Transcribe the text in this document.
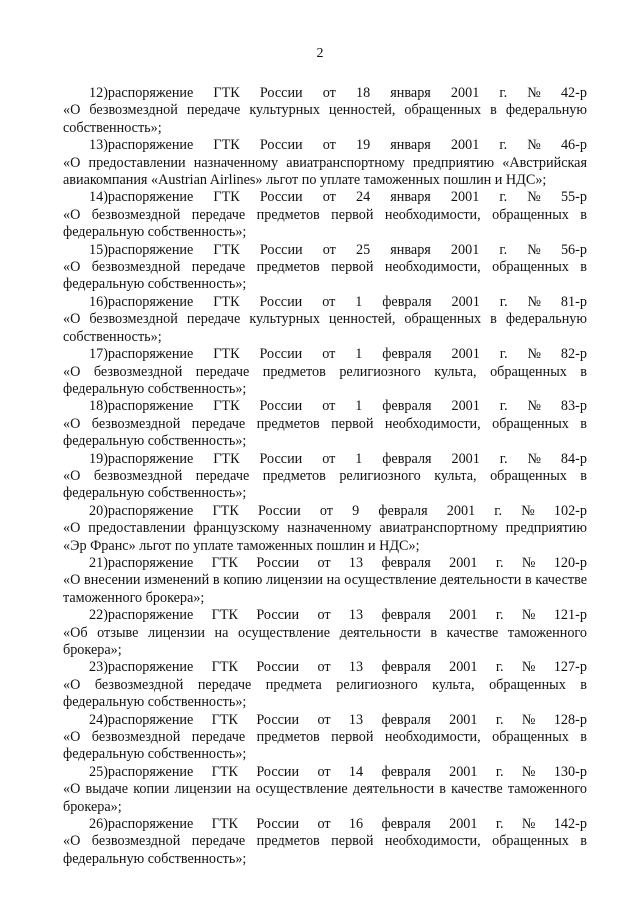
2
12)распоряжение ГТК России от 18 января 2001 г. № 42-р
«О безвозмездной передаче культурных ценностей, обращенных в федеральную собственность»;
13)распоряжение ГТК России от 19 января 2001 г. № 46-р
«О предоставлении назначенному авиатранспортному предприятию «Австрийская авиакомпания «Austrian Airlines» льгот по уплате таможенных пошлин и НДС»;
14)распоряжение ГТК России от 24 января 2001 г. № 55-р
«О безвозмездной передаче предметов первой необходимости, обращенных в федеральную собственность»;
15)распоряжение ГТК России от 25 января 2001 г. № 56-р
«О безвозмездной передаче предметов первой необходимости, обращенных в федеральную собственность»;
16)распоряжение ГТК России от 1 февраля 2001 г. № 81-р
«О безвозмездной передаче культурных ценностей, обращенных в федеральную собственность»;
17)распоряжение ГТК России от 1 февраля 2001 г. № 82-р
«О безвозмездной передаче предметов религиозного культа, обращенных в федеральную собственность»;
18)распоряжение ГТК России от 1 февраля 2001 г. № 83-р
«О безвозмездной передаче предметов первой необходимости, обращенных в федеральную собственность»;
19)распоряжение ГТК России от 1 февраля 2001 г. № 84-р
«О безвозмездной передаче предметов религиозного культа, обращенных в федеральную собственность»;
20)распоряжение ГТК России от 9 февраля 2001 г. № 102-р
«О предоставлении французскому назначенному авиатранспортному предприятию «Эр Франс» льгот по уплате таможенных пошлин и НДС»;
21)распоряжение ГТК России от 13 февраля 2001 г. № 120-р
«О внесении изменений в копию лицензии на осуществление деятельности в качестве таможенного брокера»;
22)распоряжение ГТК России от 13 февраля 2001 г. № 121-р
«Об отзыве лицензии на осуществление деятельности в качестве таможенного брокера»;
23)распоряжение ГТК России от 13 февраля 2001 г. № 127-р
«О безвозмездной передаче предмета религиозного культа, обращенных в федеральную собственность»;
24)распоряжение ГТК России от 13 февраля 2001 г. № 128-р
«О безвозмездной передаче предметов первой необходимости, обращенных в федеральную собственность»;
25)распоряжение ГТК России от 14 февраля 2001 г. № 130-р
«О выдаче копии лицензии на осуществление деятельности в качестве таможенного брокера»;
26)распоряжение ГТК России от 16 февраля 2001 г. № 142-р
«О безвозмездной передаче предметов первой необходимости, обращенных в федеральную собственность»;
